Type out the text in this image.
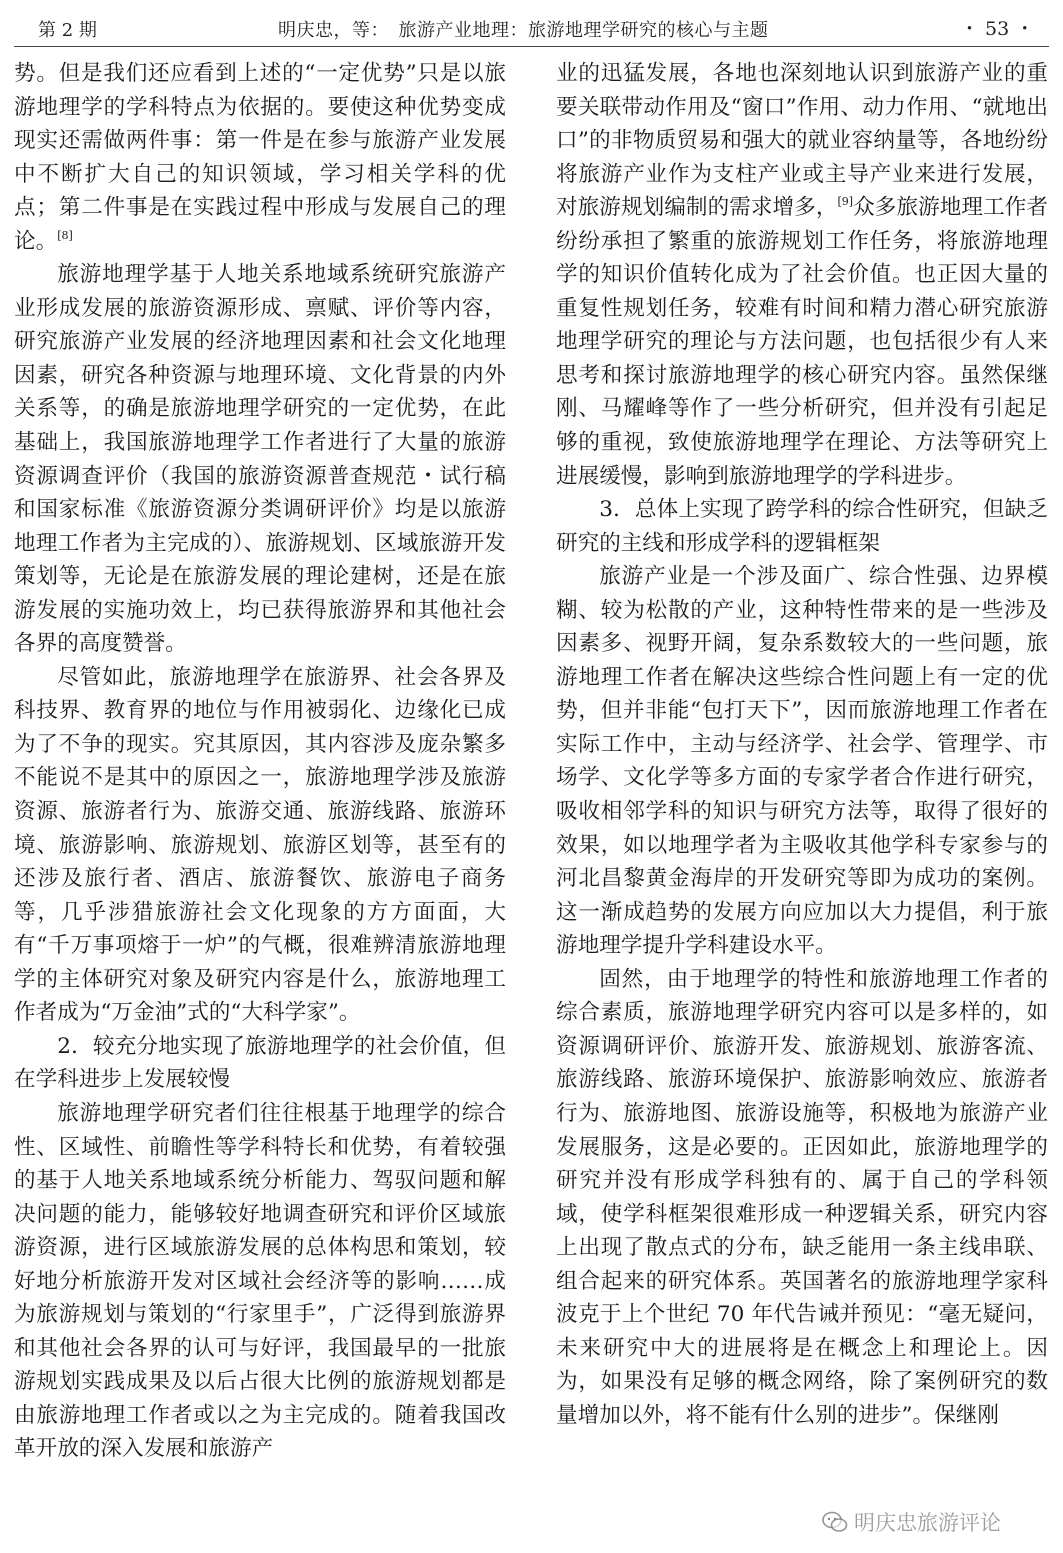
第 2 期	明庆忠，等：　旅游产业地理：旅游地理学研究的核心与主题	・ 53 ・

势。但是我们还应看到上述的“一定优势”只是以旅游地理学的学科特点为依据的。要使这种优势变成现实还需做两件事：第一件是在参与旅游产业发展中不断扩大自己的知识领域，学习相关学科的优点；第二件事是在实践过程中形成与发展自己的理论。[8]

旅游地理学基于人地关系地域系统研究旅游产业形成发展的旅游资源形成、禀赋、评价等内容，研究旅游产业发展的经济地理因素和社会文化地理因素，研究各种资源与地理环境、文化背景的内外关系等，的确是旅游地理学研究的一定优势，在此基础上，我国旅游地理学工作者进行了大量的旅游资源调查评价（我国的旅游资源普查规范・试行稿和国家标准《旅游资源分类调研评价》均是以旅游地理工作者为主完成的）、旅游规划、区域旅游开发策划等，无论是在旅游发展的理论建树，还是在旅游发展的实施功效上，均已获得旅游界和其他社会各界的高度赞誉。

尽管如此，旅游地理学在旅游界、社会各界及科技界、教育界的地位与作用被弱化、边缘化已成为了不争的现实。究其原因，其内容涉及庞杂繁多不能说不是其中的原因之一，旅游地理学涉及旅游资源、旅游者行为、旅游交通、旅游线路、旅游环境、旅游影响、旅游规划、旅游区划等，甚至有的还涉及旅行者、酒店、旅游餐饮、旅游电子商务等，几乎涉猎旅游社会文化现象的方方面面，大有“千万事项熔于一炉”的气概，很难辨清旅游地理学的主体研究对象及研究内容是什么，旅游地理工作者成为“万金油”式的“大科学家”。

2．较充分地实现了旅游地理学的社会价值，但在学科进步上发展较慢

旅游地理学研究者们往往根基于地理学的综合性、区域性、前瞻性等学科特长和优势，有着较强的基于人地关系地域系统分析能力、驾驭问题和解决问题的能力，能够较好地调查研究和评价区域旅游资源，进行区域旅游发展的总体构思和策划，较好地分析旅游开发对区域社会经济等的影响……成为旅游规划与策划的“行家里手”，广泛得到旅游界和其他社会各界的认可与好评，我国最早的一批旅游规划实践成果及以后占很大比例的旅游规划都是由旅游地理工作者或以之为主完成的。随着我国改革开放的深入发展和旅游产

业的迅猛发展，各地也深刻地认识到旅游产业的重要关联带动作用及“窗口”作用、动力作用、“就地出口”的非物质贸易和强大的就业容纳量等，各地纷纷将旅游产业作为支柱产业或主导产业来进行发展，对旅游规划编制的需求增多，[9]众多旅游地理工作者纷纷承担了繁重的旅游规划工作任务，将旅游地理学的知识价值转化成为了社会价值。也正因大量的重复性规划任务，较难有时间和精力潜心研究旅游地理学研究的理论与方法问题，也包括很少有人来思考和探讨旅游地理学的核心研究内容。虽然保继刚、马耀峰等作了一些分析研究，但并没有引起足够的重视，致使旅游地理学在理论、方法等研究上进展缓慢，影响到旅游地理学的学科进步。

3．总体上实现了跨学科的综合性研究，但缺乏研究的主线和形成学科的逻辑框架

旅游产业是一个涉及面广、综合性强、边界模糊、较为松散的产业，这种特性带来的是一些涉及因素多、视野开阔，复杂系数较大的一些问题，旅游地理工作者在解决这些综合性问题上有一定的优势，但并非能“包打天下”，因而旅游地理工作者在实际工作中，主动与经济学、社会学、管理学、市场学、文化学等多方面的专家学者合作进行研究，吸收相邻学科的知识与研究方法等，取得了很好的效果，如以地理学者为主吸收其他学科专家参与的河北昌黎黄金海岸的开发研究等即为成功的案例。这一渐成趋势的发展方向应加以大力提倡，利于旅游地理学提升学科建设水平。

固然，由于地理学的特性和旅游地理工作者的综合素质，旅游地理学研究内容可以是多样的，如资源调研评价、旅游开发、旅游规划、旅游客流、旅游线路、旅游环境保护、旅游影响效应、旅游者行为、旅游地图、旅游设施等，积极地为旅游产业发展服务，这是必要的。正因如此，旅游地理学的研究并没有形成学科独有的、属于自己的学科领域，使学科框架很难形成一种逻辑关系，研究内容上出现了散点式的分布，缺乏能用一条主线串联、组合起来的研究体系。英国著名的旅游地理学家科波克于上个世纪 70 年代告诫并预见：“毫无疑问，未来研究中大的进展将是在概念上和理论上。因为，如果没有足够的概念网络，除了案例研究的数量增加以外，将不能有什么别的进步”。保继刚

明庆忠旅游评论
